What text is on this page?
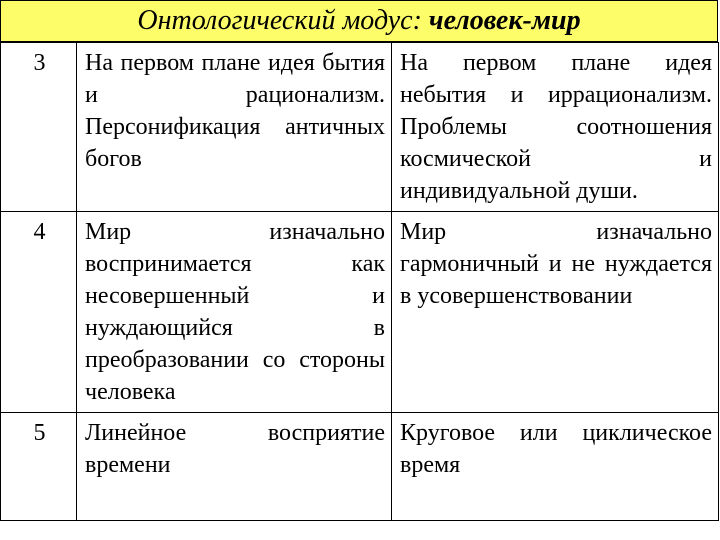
Онтологический модус: человек-мир
3	На первом плане идея бытия и рационализм. Персонификация античных богов	На первом плане идея небытия и иррационализм. Проблемы соотношения космической и индивидуальной души.
4	Мир изначально воспринимается как несовершенный и нуждающийся в преобразовании со стороны человека	Мир изначально гармоничный и не нуждается в усовершенствовании
5	Линейное восприятие времени	Круговое или циклическое время
